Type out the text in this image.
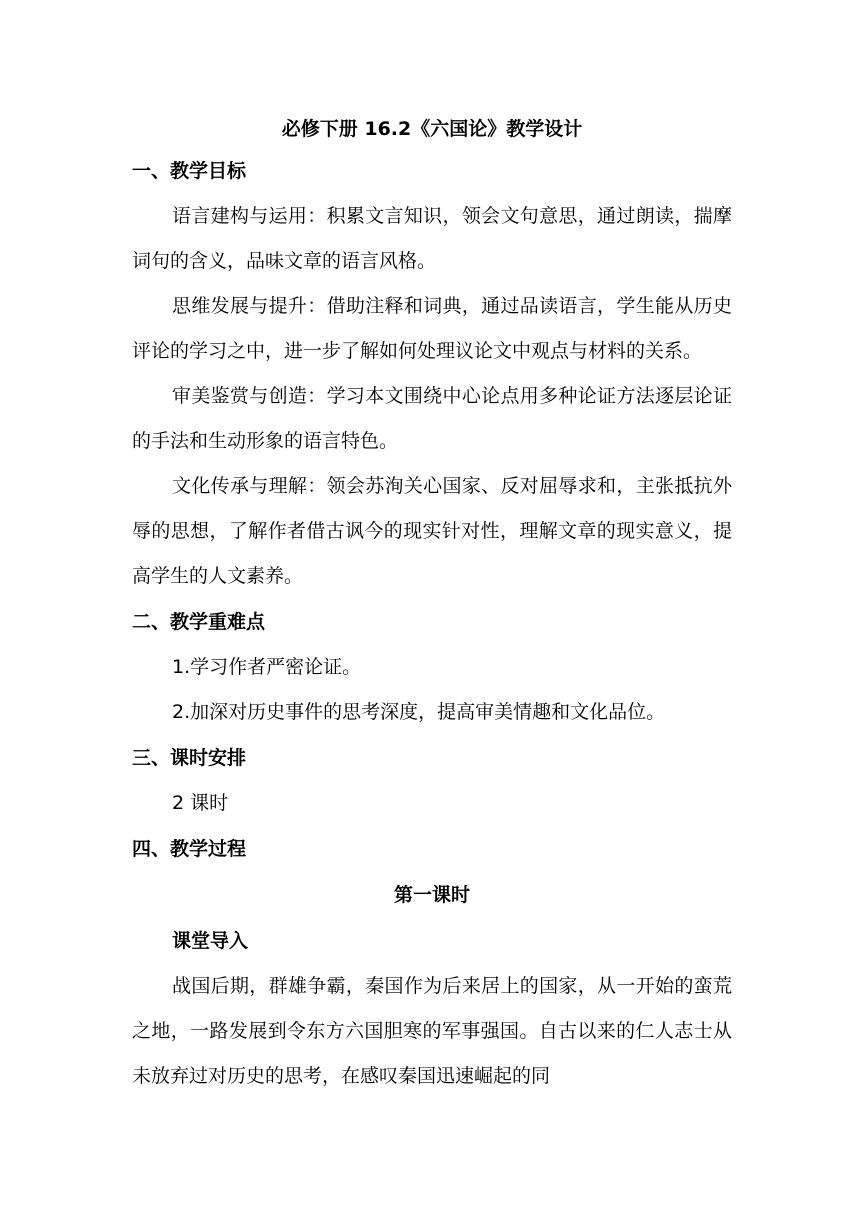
必修下册 16.2《六国论》教学设计
一、教学目标

语言建构与运用：积累文言知识，领会文句意思，通过朗读，揣摩词句的含义，品味文章的语言风格。

思维发展与提升：借助注释和词典，通过品读语言，学生能从历史评论的学习之中，进一步了解如何处理议论文中观点与材料的关系。

审美鉴赏与创造：学习本文围绕中心论点用多种论证方法逐层论证的手法和生动形象的语言特色。

文化传承与理解：领会苏洵关心国家、反对屈辱求和，主张抵抗外辱的思想，了解作者借古讽今的现实针对性，理解文章的现实意义，提高学生的人文素养。

二、教学重难点

1.学习作者严密论证。

2.加深对历史事件的思考深度，提高审美情趣和文化品位。

三、课时安排

2 课时

四、教学过程
第一课时
课堂导入

战国后期，群雄争霸，秦国作为后来居上的国家，从一开始的蛮荒之地，一路发展到令东方六国胆寒的军事强国。自古以来的仁人志士从未放弃过对历史的思考，在感叹秦国迅速崛起的同
